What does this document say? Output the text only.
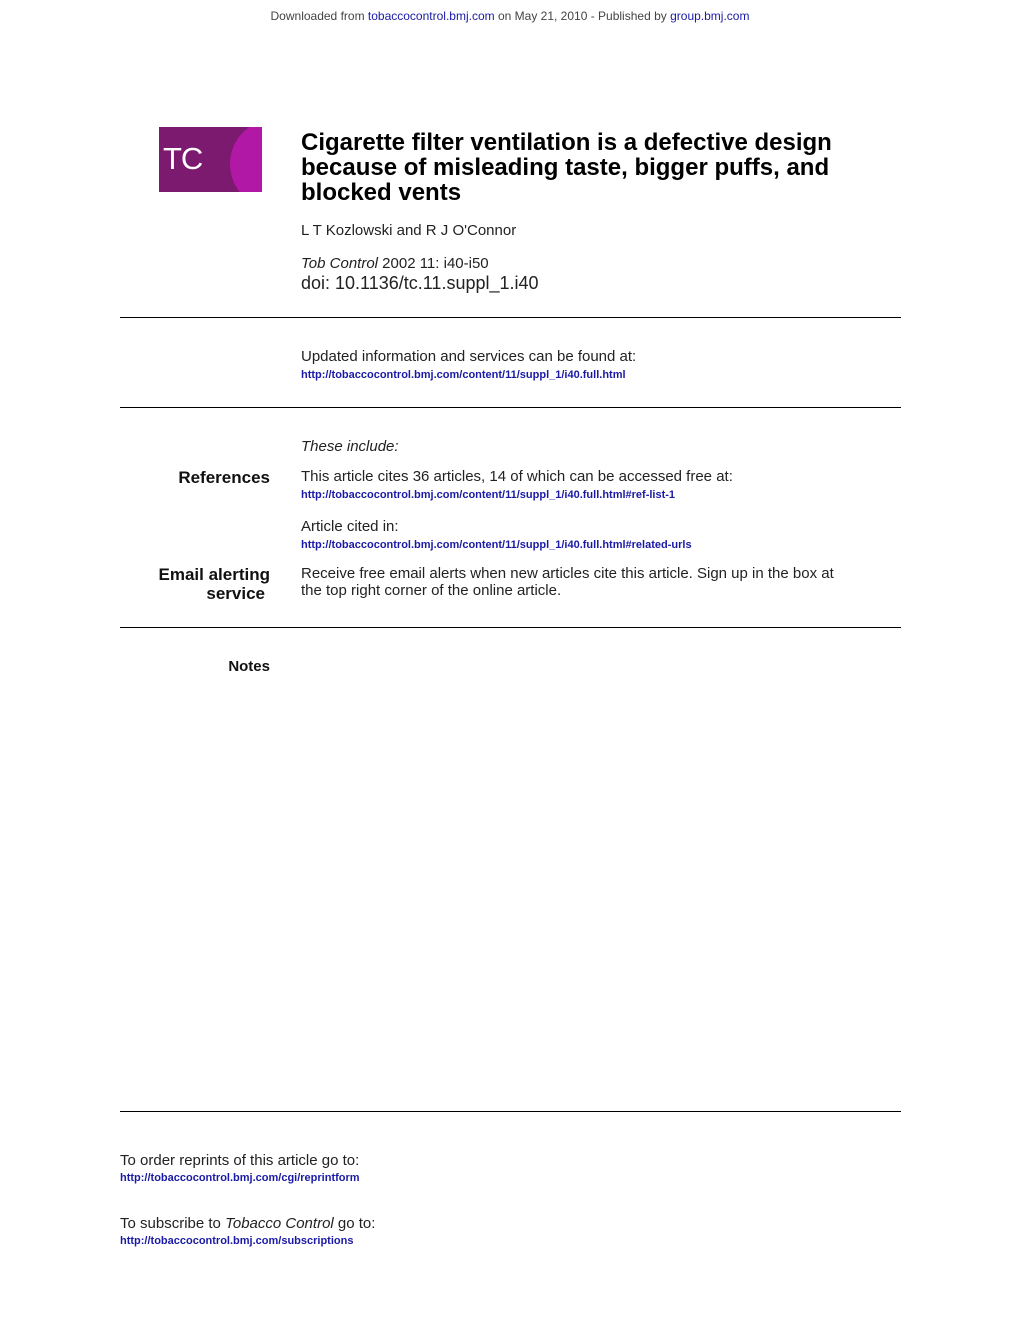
Downloaded from tobaccocontrol.bmj.com on May 21, 2010 - Published by group.bmj.com
TC	Cigarette filter ventilation is a defective design because of misleading taste, bigger puffs, and blocked vents
L T Kozlowski and R J O'Connor
Tob Control 2002 11: i40-i50
doi: 10.1136/tc.11.suppl_1.i40
Updated information and services can be found at:
http://tobaccocontrol.bmj.com/content/11/suppl_1/i40.full.html
These include:
References This article cites 36 articles, 14 of which can be accessed free at:
http://tobaccocontrol.bmj.com/content/11/suppl_1/i40.full.html#ref-list-1
Article cited in:
http://tobaccocontrol.bmj.com/content/11/suppl_1/i40.full.html#related-urls
Email alerting
service
Receive free email alerts when new articles cite this article. Sign up in the box at
the top right corner of the online article.
Notes
To order reprints of this article go to:
http://tobaccocontrol.bmj.com/cgi/reprintform
To subscribe to Tobacco Control go to:
http://tobaccocontrol.bmj.com/subscriptions
